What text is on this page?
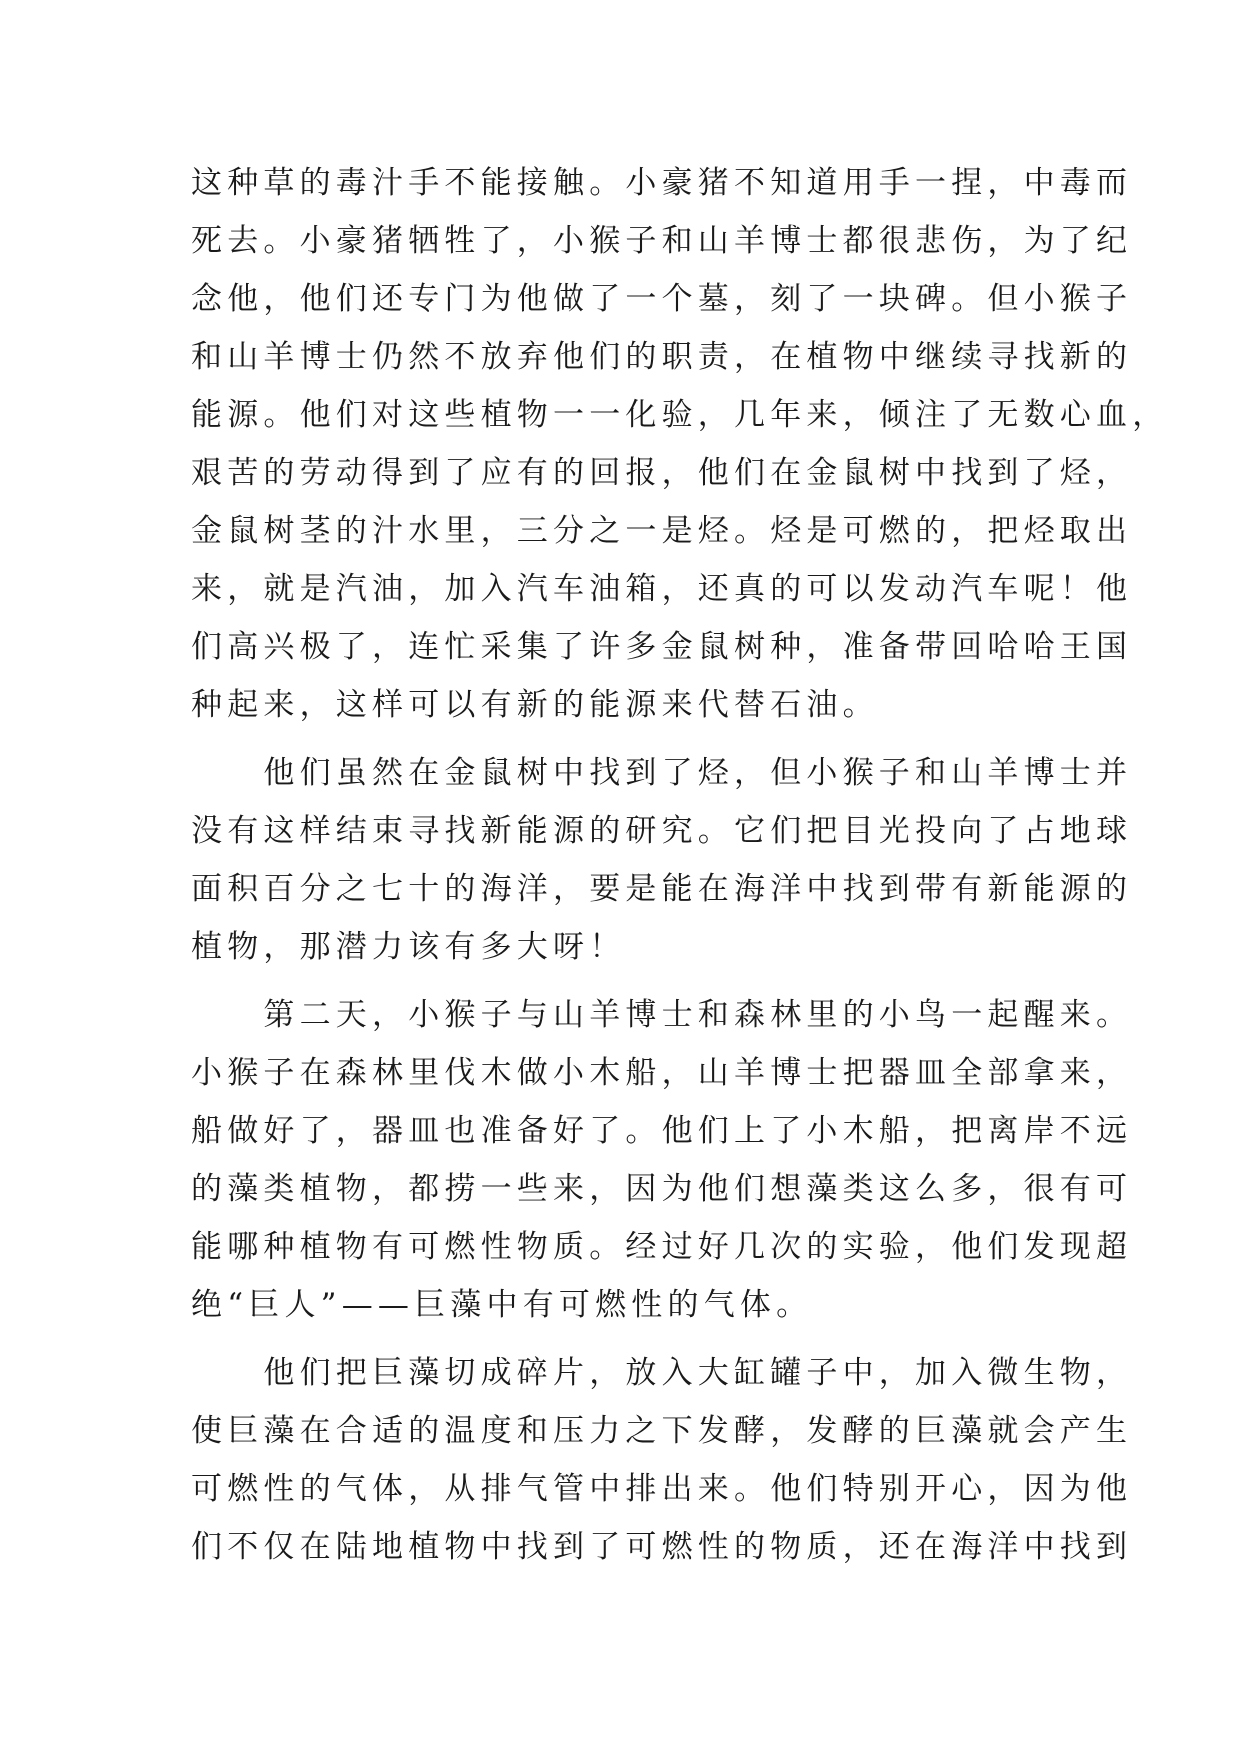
这种草的毒汁手不能接触。小豪猪不知道用手一捏，中毒而
死去。小豪猪牺牲了，小猴子和山羊博士都很悲伤，为了纪
念他，他们还专门为他做了一个墓，刻了一块碑。但小猴子
和山羊博士仍然不放弃他们的职责，在植物中继续寻找新的
能源。他们对这些植物一一化验，几年来，倾注了无数心血，
艰苦的劳动得到了应有的回报，他们在金鼠树中找到了烃，
金鼠树茎的汁水里，三分之一是烃。烃是可燃的，把烃取出
来，就是汽油，加入汽车油箱，还真的可以发动汽车呢！他
们高兴极了，连忙采集了许多金鼠树种，准备带回哈哈王国
种起来，这样可以有新的能源来代替石油。
　　他们虽然在金鼠树中找到了烃，但小猴子和山羊博士并
没有这样结束寻找新能源的研究。它们把目光投向了占地球
面积百分之七十的海洋，要是能在海洋中找到带有新能源的
植物，那潜力该有多大呀！
　　第二天，小猴子与山羊博士和森林里的小鸟一起醒来。
小猴子在森林里伐木做小木船，山羊博士把器皿全部拿来，
船做好了，器皿也准备好了。他们上了小木船，把离岸不远
的藻类植物，都捞一些来，因为他们想藻类这么多，很有可
能哪种植物有可燃性物质。经过好几次的实验，他们发现超
绝“巨人”——巨藻中有可燃性的气体。
　　他们把巨藻切成碎片，放入大缸罐子中，加入微生物，
使巨藻在合适的温度和压力之下发酵，发酵的巨藻就会产生
可燃性的气体，从排气管中排出来。他们特别开心，因为他
们不仅在陆地植物中找到了可燃性的物质，还在海洋中找到
